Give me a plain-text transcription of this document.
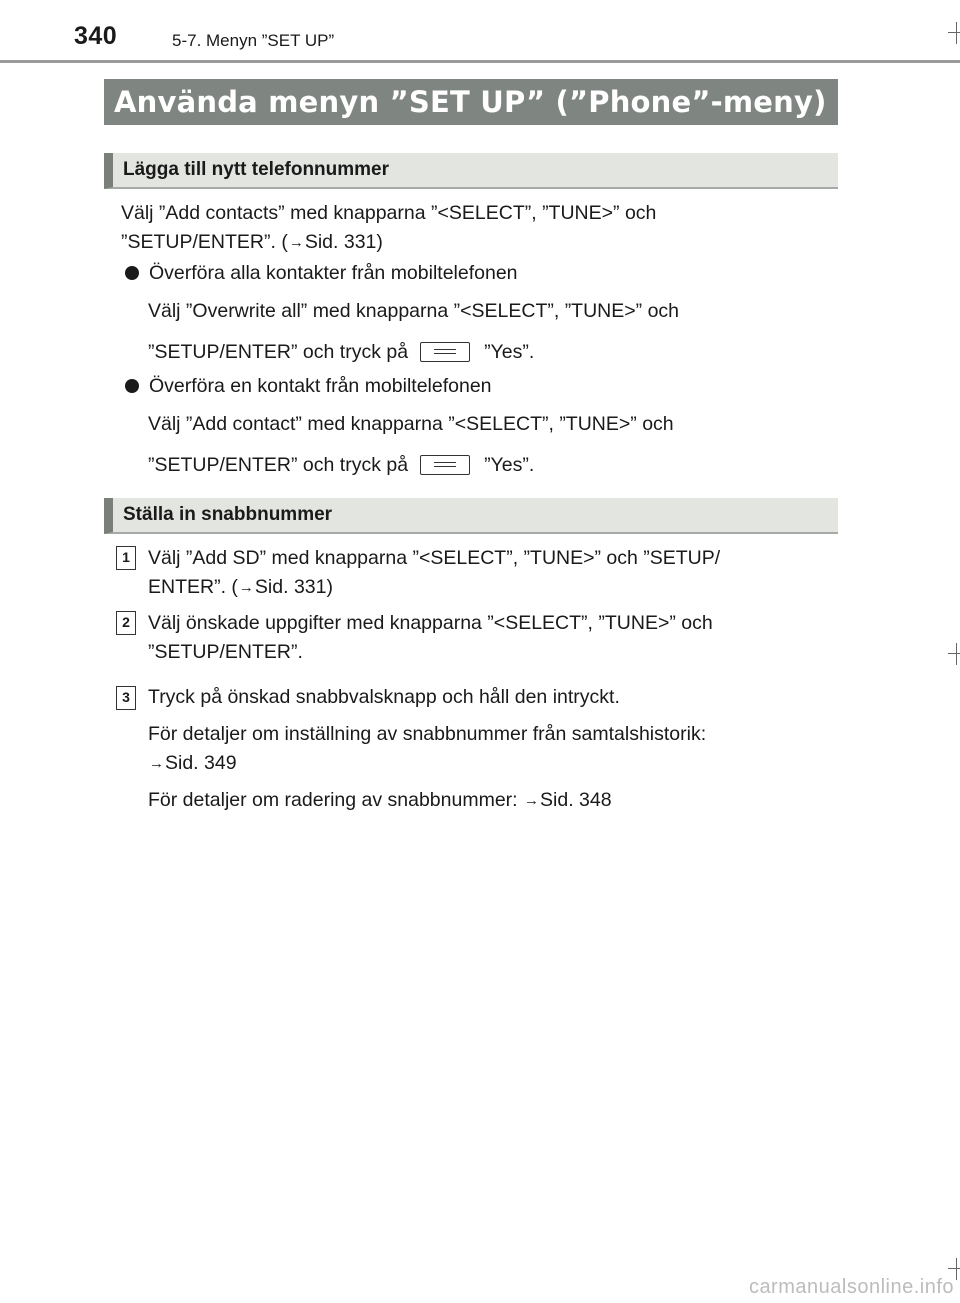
340	5-7. Menyn ”SET UP”
Använda menyn ”SET UP” (”Phone”-meny)
Lägga till nytt telefonnummer
Välj ”Add contacts” med knapparna ”<SELECT”, ”TUNE>” och
”SETUP/ENTER”. (→Sid. 331)
Överföra alla kontakter från mobiltelefonen
Välj ”Overwrite all” med knapparna ”<SELECT”, ”TUNE>” och
”SETUP/ENTER” och tryck på	”Yes”.
Överföra en kontakt från mobiltelefonen
Välj ”Add contact” med knapparna ”<SELECT”, ”TUNE>” och
”SETUP/ENTER” och tryck på	”Yes”.
Ställa in snabbnummer
1 Välj ”Add SD” med knapparna ”<SELECT”, ”TUNE>” och ”SETUP/
ENTER”. (→Sid. 331)
2 Välj önskade uppgifter med knapparna ”<SELECT”, ”TUNE>” och
”SETUP/ENTER”.
3 Tryck på önskad snabbvalsknapp och håll den intryckt.
För detaljer om inställning av snabbnummer från samtalshistorik:
→Sid. 349
För detaljer om radering av snabbnummer: →Sid. 348
carmanualsonline.info
